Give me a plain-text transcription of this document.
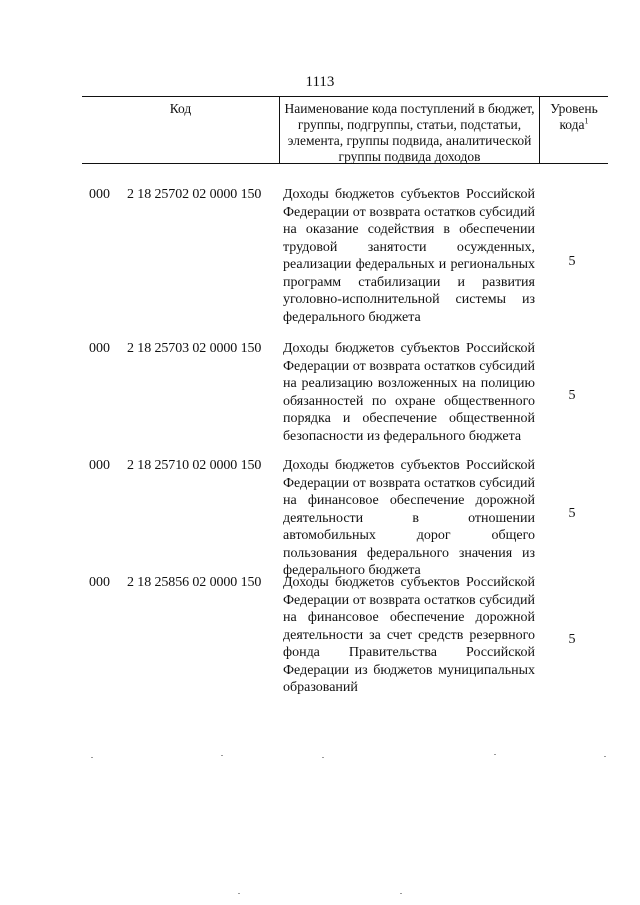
1113
Код	Наименование кода поступлений в бюджет, группы, подгруппы, статьи, подстатьи, элемента, группы подвида, аналитической группы подвида доходов
Уровень кода$^1$
000 2 18 25702 02 0000 150 Доходы бюджетов субъектов Российской Федерации от возврата остатков субсидий на оказание содействия в обеспечении трудовой занятости осужденных, реализации федеральных и региональных программ стабилизации и развития уголовно-исполнительной системы из федерального бюджета
5
000 2 18 25703 02 0000 150 Доходы бюджетов субъектов Российской Федерации от возврата остатков субсидий на реализацию возложенных на полицию обязанностей по охране общественного порядка и обеспечение общественной безопасности из федерального бюджета
5
000 2 18 25710 02 0000 150 Доходы бюджетов субъектов Российской Федерации от возврата остатков субсидий на финансовое обеспечение дорожной деятельности в отношении автомобильных дорог общего пользования федерального значения из федерального бюджета
5
000 2 18 25856 02 0000 150 Доходы бюджетов субъектов Российской Федерации от возврата остатков субсидий на финансовое обеспечение дорожной деятельности за счет средств резервного фонда Правительства Российской Федерации из бюджетов муниципальных образований
5
